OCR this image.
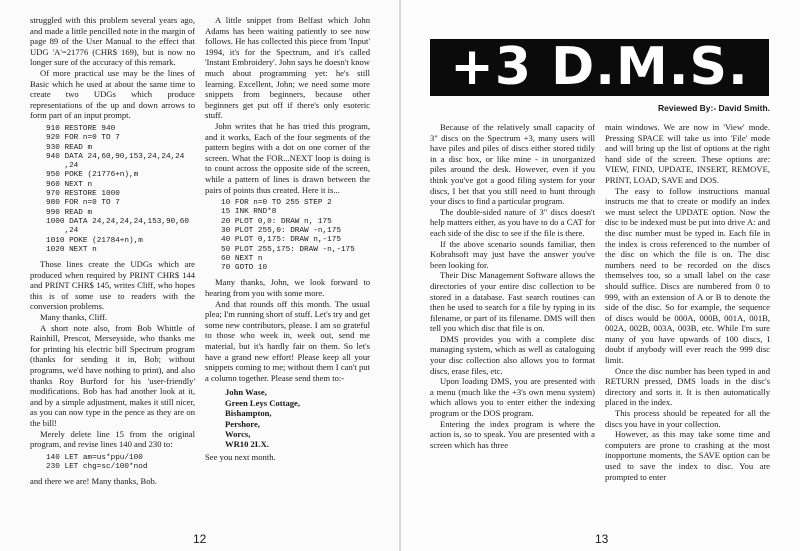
struggled with this problem several years ago, and made a little pencilled note in the margin of page 89 of the User Manual to the effect that UDG 'A'=21776 (CHR$ 169), but is now no longer sure of the accuracy of this remark.

Of more practical use may be the lines of Basic which he used at about the same time to create two UDGs which produce representations of the up and down arrows to form part of an input prompt.

910 RESTORE 940
920 FOR n=0 TO 7
930 READ m
940 DATA 24,60,90,153,24,24,24
,24
950 POKE (21776+n),m
960 NEXT n
970 RESTORE 1000
980 FOR n=0 TO 7
990 READ m
1000 DATA 24,24,24,24,153,90,60
,24
1010 POKE (21784+n),m
1020 NEXT n

Those lines create the UDGs which are produced when required by PRINT CHR$ 144 and PRINT CHR$ 145, writes Cliff, who hopes this is of some use to readers with the conversion problems.

Many thanks, Cliff.

A short note also, from Bob Whittle of Rainhill, Prescot, Merseyside, who thanks me for printing his electric bill Spectrum program (thanks for sending it in, Bob; without programs, we'd have nothing to print), and also thanks Roy Burford for his 'user-friendly' modifications. Bob has had another look at it, and by a simple adjustment, makes it still nicer, as you can now type in the pence as they are on the bill!

Merely delete line 15 from the original program, and revise lines 140 and 230 to:

140 LET am=us*ppu/100
230 LET chg=sc/100*nod

and there we are! Many thanks, Bob.

A little snippet from Belfast which John Adams has been waiting patiently to see now follows. He has collected this piece from 'Input' 1994, it's for the Spectrum, and it's called 'Instant Embroidery'. John says he doesn't know much about programming yet: he's still learning. Excellent, John; we need some more snippets from beginners, because other beginners get put off if there's only esoteric stuff.

John writes that he has tried this program, and it works, Each of the four segments of the pattern begins with a dot on one corner of the screen. What the FOR...NEXT loop is doing is to count across the opposite side of the screen, while a pattern of lines is drawn between the pairs of points thus created. Here it is...

10 FOR n=0 TO 255 STEP 2
15 INK RND*8
20 PLOT 0,0: DRAW n, 175
30 PLOT 255,0: DRAW -n,175
40 PLOT 0,175: DRAW n,-175
50 PLOT 255,175: DRAW -n,-175
60 NEXT n
70 GOTO 10

Many thanks, John, we look forward to hearing from you with some more.

And that rounds off this month. The usual plea; I'm running short of stuff. Let's try and get some new contributors, please. I am so grateful to those who week in, week out, send me material, but it's hardly fair on them. So let's have a grand new effort! Please keep all your snippets coming to me; without them I can't put a column together. Please send them to:-

John Wase,
Green Leys Cottage,
Bishampton,
Pershore,
Worcs,
WR10 2LX.

See you next month.

12
+3 D.M.S.
Reviewed By:- David Smith.

Because of the relatively small capacity of 3" discs on the Spectrum +3, many users will have piles and piles of discs either stored tidily in a disc box, or like mine - in unorganized piles around the desk. However, even if you think you've got a good filing system for your discs, I bet that you still need to hunt through your discs to find a particular program.

The double-sided nature of 3" discs doesn't help matters either, as you have to do a CAT for each side of the disc to see if the file is there.

If the above scenario sounds familiar, then Kobrahsoft may just have the answer you've been looking for.

Their Disc Management Software allows the directories of your entire disc collection to be stored in a database. Fast search routines can then be used to search for a file by typing in its filename, or part of its filename. DMS will then tell you which disc that file is on.

DMS provides you with a complete disc managing system, which as well as cataloguing your disc collection also allows you to format discs, erase files, etc.

Upon loading DMS, you are presented with a menu (much like the +3's own menu system) which allows you to enter either the indexing program or the DOS program.

Entering the index program is where the action is, so to speak. You are presented with a screen which has three

main windows. We are now in 'View' mode. Pressing SPACE will take us into 'File' mode and will bring up the list of options at the right hand side of the screen. These options are: VIEW, FIND, UPDATE, INSERT, REMOVE, PRINT, LOAD, SAVE and DOS.

The easy to follow instructions manual instructs me that to create or modify an index we must select the UPDATE option. Now the disc to be indexed must be put into drive A: and the disc number must be typed in. Each file in the index is cross referenced to the number of the disc on which the file is on. The disc numbers need to be recorded on the discs themselves too, so a small label on the case should suffice. Discs are numbered from 0 to 999, with an extension of A or B to denote the side of the disc. So for example, the sequence of discs would be 000A, 000B, 001A, 001B, 002A, 002B, 003A, 003B, etc. While I'm sure many of you have upwards of 100 discs, I doubt if anybody will ever reach the 999 disc limit.

Once the disc number has been typed in and RETURN pressed, DMS loads in the disc's directory and sorts it. It is then automatically placed in the index.

This process should be repeated for all the discs you have in your collection.

However, as this may take some time and computers are prone to crashing at the most inopportune moments, the SAVE option can be used to save the index to disc. You are prompted to enter

13
